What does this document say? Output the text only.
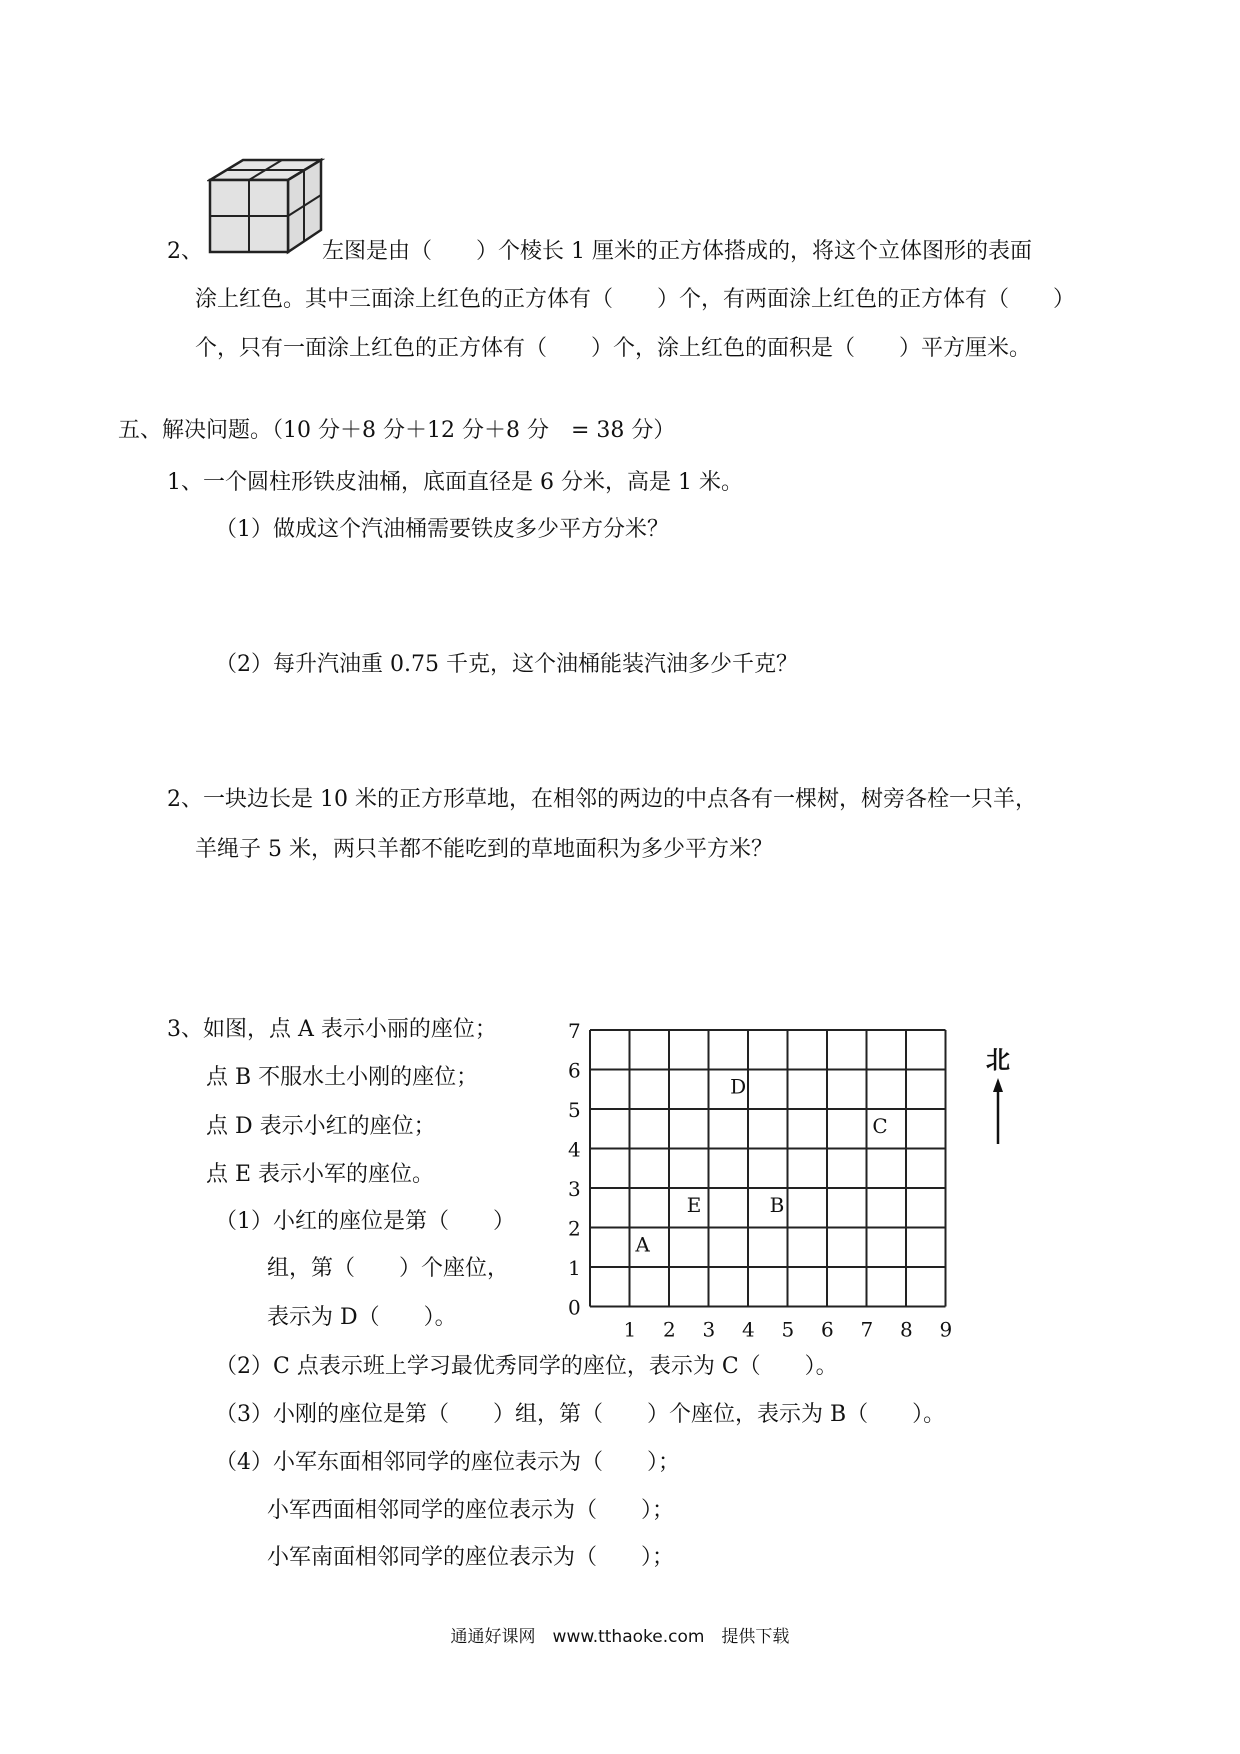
2、	左图是由（　　）个棱长 1 厘米的正方体搭成的，将这个立体图形的表面
涂上红色。其中三面涂上红色的正方体有（　　）个，有两面涂上红色的正方体有（　　）
个，只有一面涂上红色的正方体有（　　）个，涂上红色的面积是（　　）平方厘米。
五、解决问题。（10 分＋8 分＋12 分＋8 分　= 38 分）
1、一个圆柱形铁皮油桶，底面直径是 6 分米，高是 1 米。
（1）做成这个汽油桶需要铁皮多少平方分米？
（2）每升汽油重 0.75 千克，这个油桶能装汽油多少千克？
2、一块边长是 10 米的正方形草地，在相邻的两边的中点各有一棵树，树旁各栓一只羊，
羊绳子 5 米，两只羊都不能吃到的草地面积为多少平方米？
3、如图，点 A 表示小丽的座位；
点 B 不服水土小刚的座位；
点 D 表示小红的座位；
点 E 表示小军的座位。
（1）小红的座位是第（　　）
组，第（　　）个座位，
表示为 D（　　）。
（2）C 点表示班上学习最优秀同学的座位，表示为 C（　　）。
（3）小刚的座位是第（　　）组，第（　　）个座位，表示为 B（　　）。
（4）小军东面相邻同学的座位表示为（　　）；
小军西面相邻同学的座位表示为（　　）；
小军南面相邻同学的座位表示为（　　）；
0
1
2
3
4
5
6
7
1 2 3 4 5 6 7 8 9
A
E	B
D
C
北
通通好课网　www.tthaoke.com　提供下载
